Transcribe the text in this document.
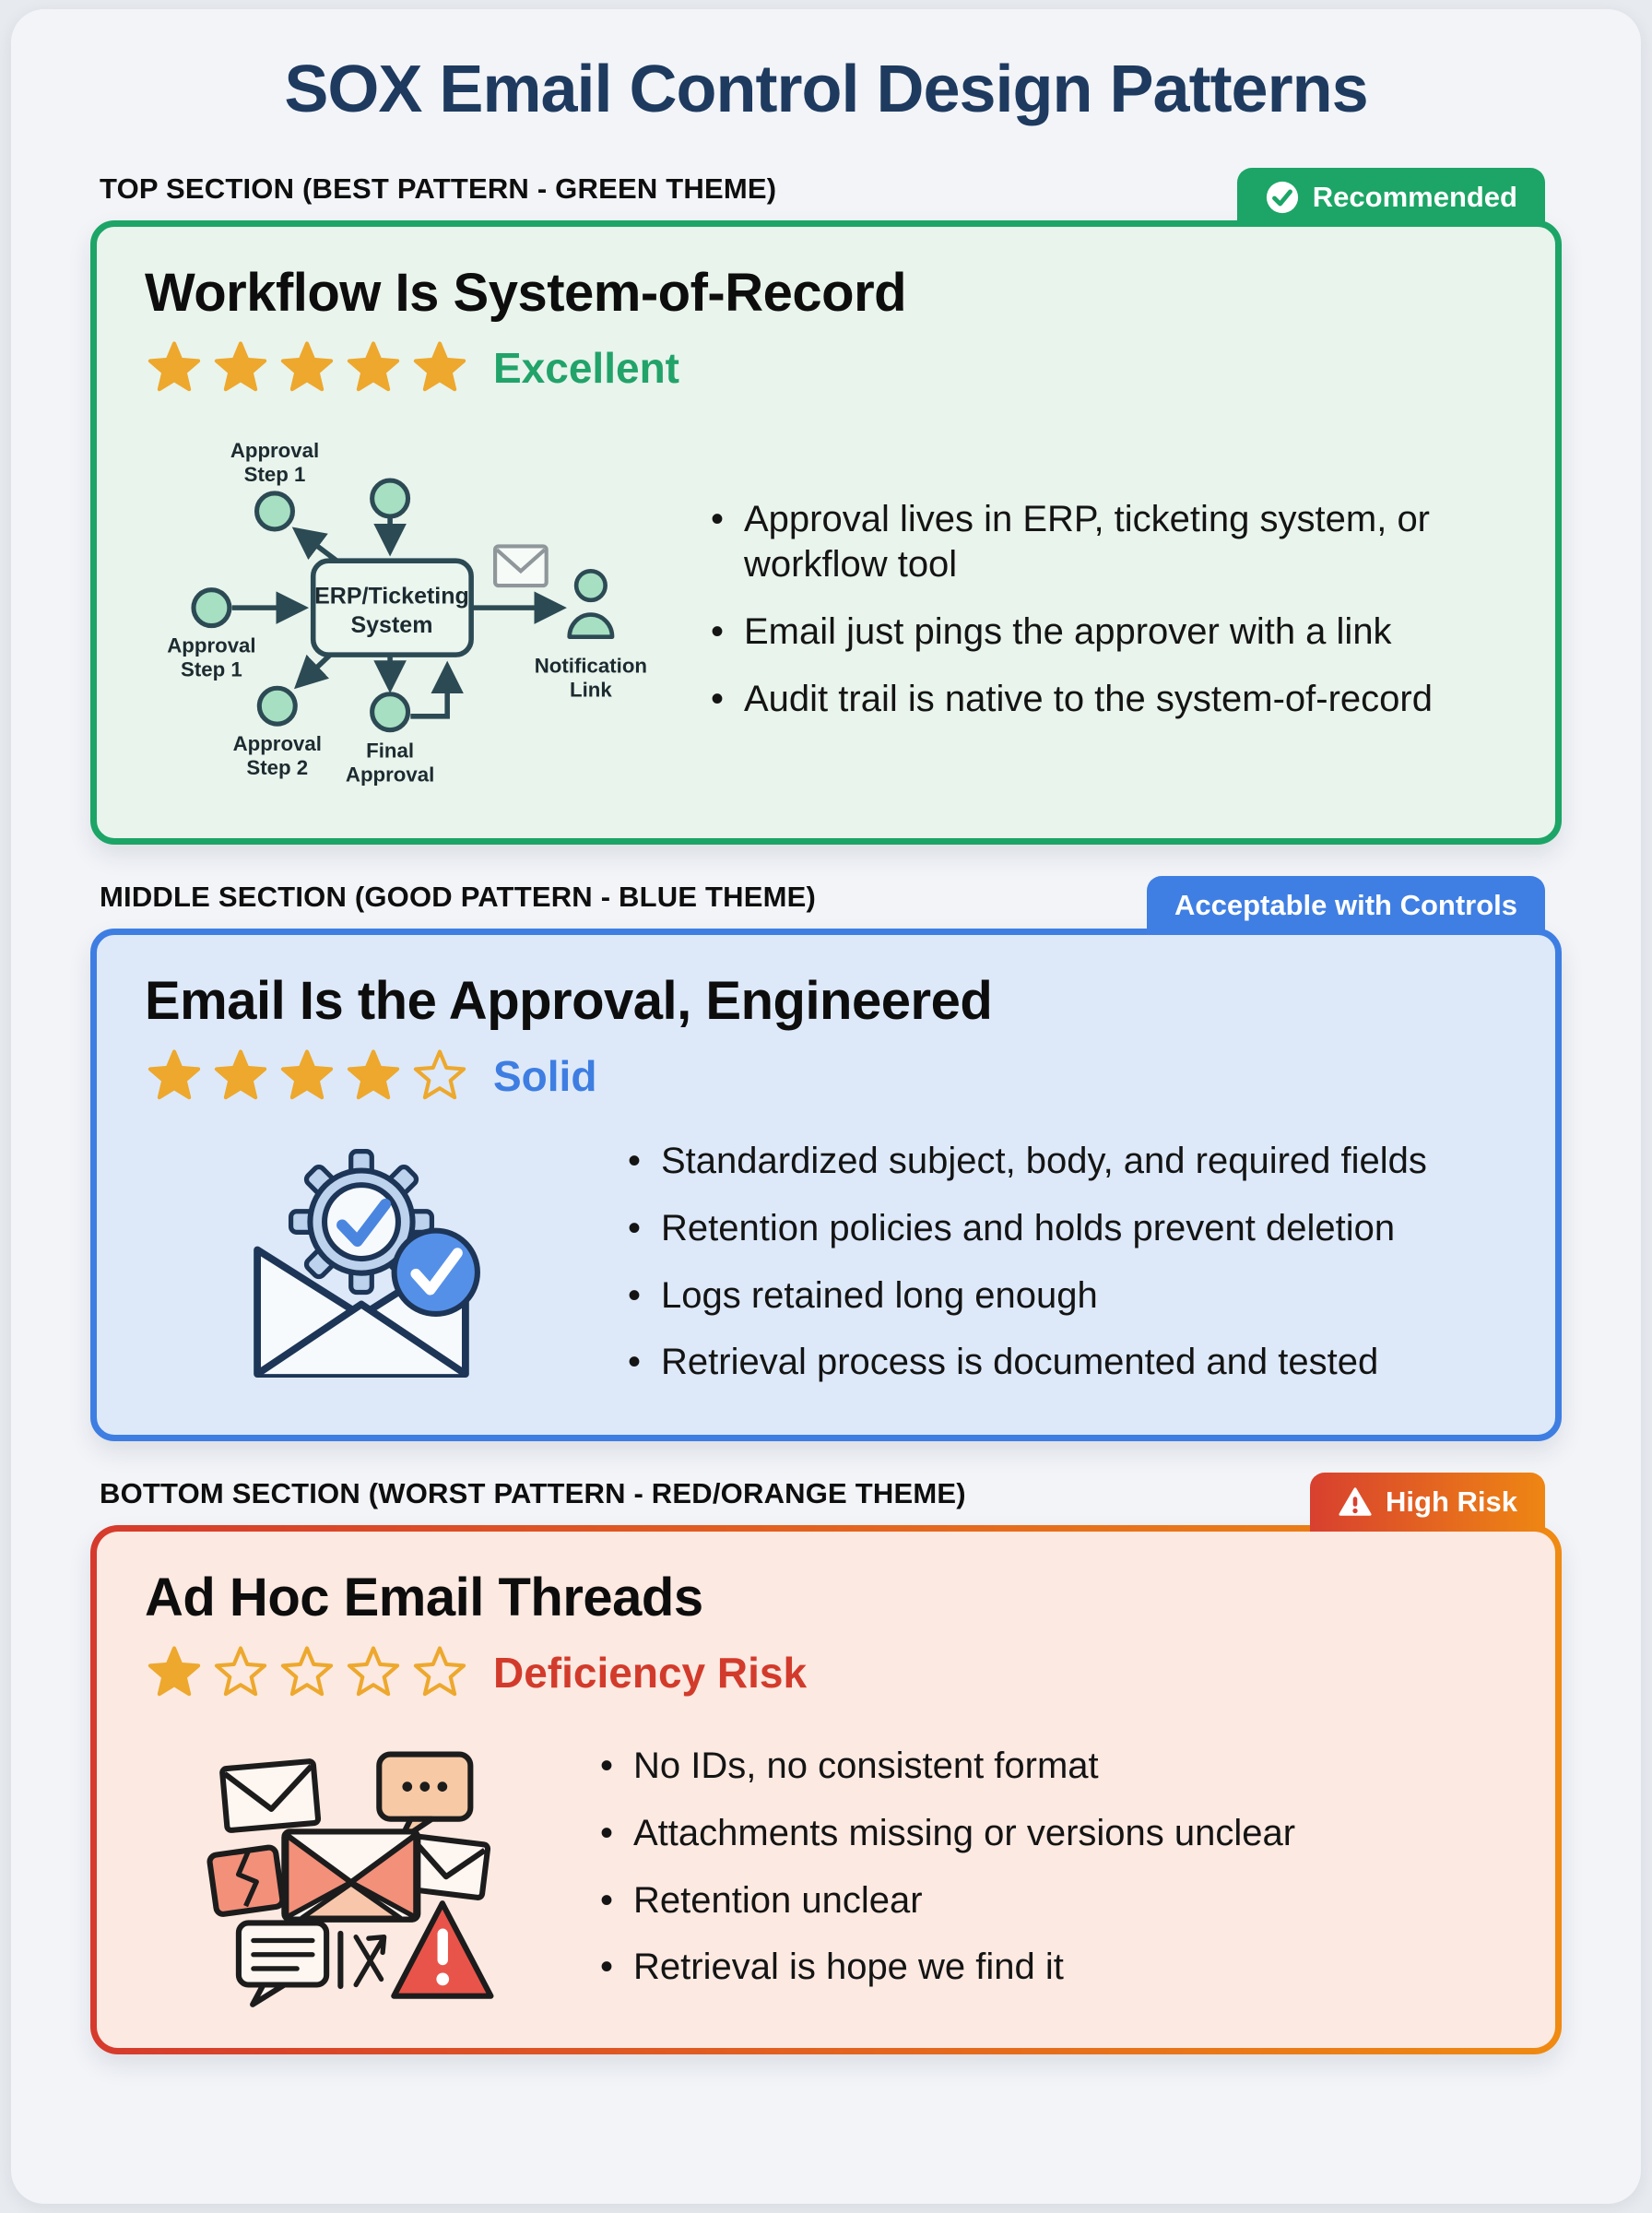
SOX Email Control Design Patterns
TOP SECTION (BEST PATTERN - GREEN THEME)	Recommended
Workflow Is System-of-Record
Excellent
ERP/Ticketing
System
Approval
Step 1
Approval
Step 1
Approval
Step 2
Final
Approval
Notification
Link
• Approval lives in ERP, ticketing system, or workflow tool
• Email just pings the approver with a link
• Audit trail is native to the system-of-record
MIDDLE SECTION (GOOD PATTERN - BLUE THEME)	Acceptable with Controls
Email Is the Approval, Engineered
Solid
• Standardized subject, body, and required fields
• Retention policies and holds prevent deletion
• Logs retained long enough
• Retrieval process is documented and tested
BOTTOM SECTION (WORST PATTERN - RED/ORANGE THEME)	High Risk
Ad Hoc Email Threads
Deficiency Risk
• No IDs, no consistent format
• Attachments missing or versions unclear
• Retention unclear
• Retrieval is hope we find it
